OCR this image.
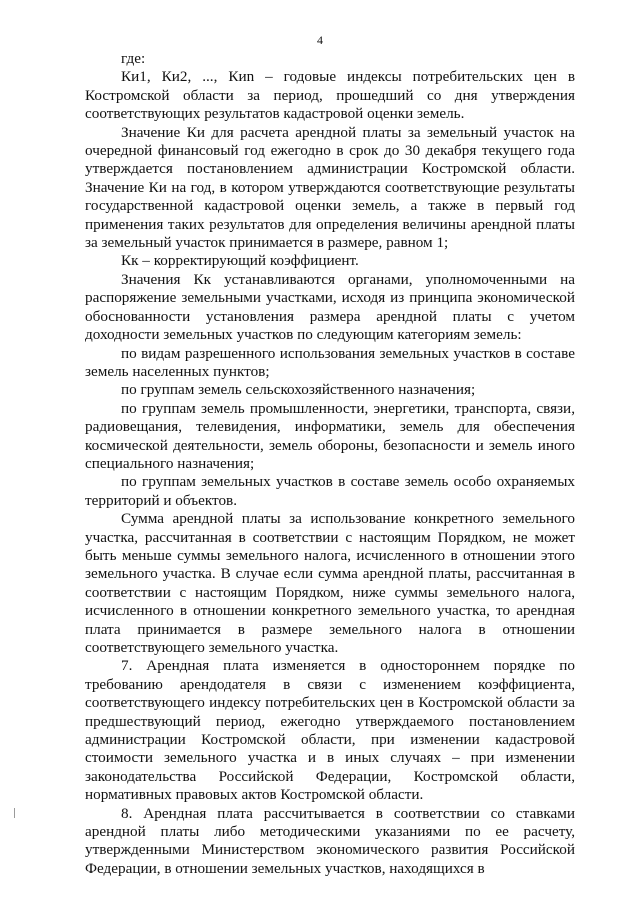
4

где:

Ки1, Ки2, ..., Киn – годовые индексы потребительских цен в Костромской области за период, прошедший со дня утверждения соответствующих результатов кадастровой оценки земель.

Значение Ки для расчета арендной платы за земельный участок на очередной финансовый год ежегодно в срок до 30 декабря текущего года утверждается постановлением администрации Костромской области. Значение Ки на год, в котором утверждаются соответствующие результаты государственной кадастровой оценки земель, а также в первый год применения таких результатов для определения величины арендной платы за земельный участок принимается в размере, равном 1;

Кк – корректирующий коэффициент.

Значения Кк устанавливаются органами, уполномоченными на распоряжение земельными участками, исходя из принципа экономической обоснованности установления размера арендной платы с учетом доходности земельных участков по следующим категориям земель:

по видам разрешенного использования земельных участков в составе земель населенных пунктов;

по группам земель сельскохозяйственного назначения;

по группам земель промышленности, энергетики, транспорта, связи, радиовещания, телевидения, информатики, земель для обеспечения космической деятельности, земель обороны, безопасности и земель иного специального назначения;

по группам земельных участков в составе земель особо охраняемых территорий и объектов.

Сумма арендной платы за использование конкретного земельного участка, рассчитанная в соответствии с настоящим Порядком, не может быть меньше суммы земельного налога, исчисленного в отношении этого земельного участка. В случае если сумма арендной платы, рассчитанная в соответствии с настоящим Порядком, ниже суммы земельного налога, исчисленного в отношении конкретного земельного участка, то арендная плата принимается в размере земельного налога в отношении соответствующего земельного участка.

7. Арендная плата изменяется в одностороннем порядке по требованию арендодателя в связи с изменением коэффициента, соответствующего индексу потребительских цен в Костромской области за предшествующий период, ежегодно утверждаемого постановлением администрации Костромской области, при изменении кадастровой стоимости земельного участка и в иных случаях – при изменении законодательства Российской Федерации, Костромской области, нормативных правовых актов Костромской области.

8. Арендная плата рассчитывается в соответствии со ставками арендной платы либо методическими указаниями по ее расчету, утвержденными Министерством экономического развития Российской Федерации, в отношении земельных участков, находящихся в
